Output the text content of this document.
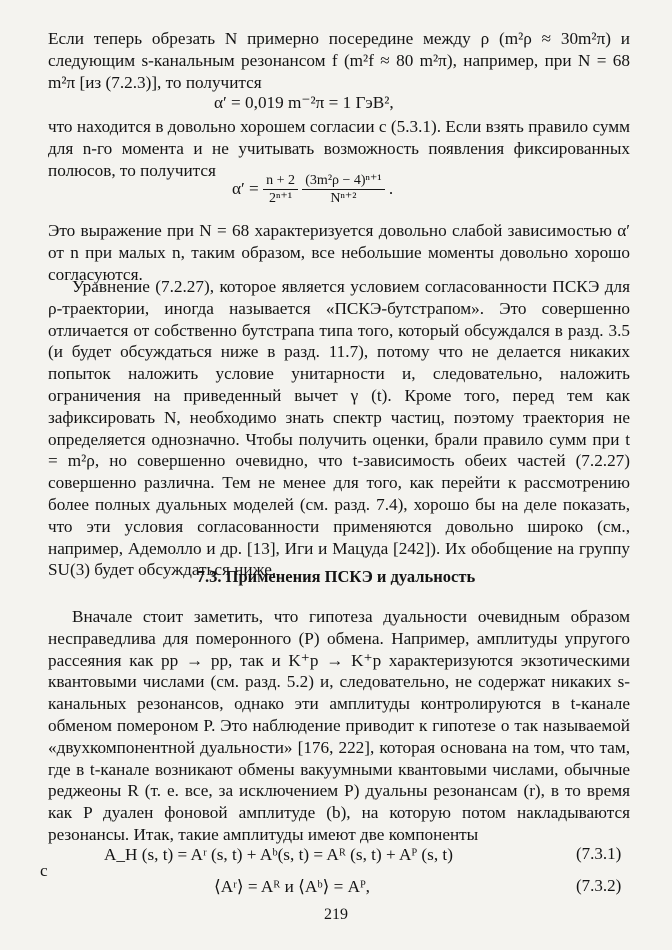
Если теперь обрезать N примерно посередине между ρ (m²ρ ≈ 30m²π) и следующим s-канальным резонансом f (m²f ≈ 80 m²π), например, при N = 68 m²π [из (7.2.3)], то получится

α′ = 0,019 m⁻²π = 1 ГэВ²,

что находится в довольно хорошем согласии с (5.3.1). Если взять правило сумм для n-го момента и не учитывать возможность появления фиксированных полюсов, то получится

$\alpha' = \frac{n + 2}{\text{2ⁿ⁺¹}}$
$\frac{\text{(3m²ρ − 4)ⁿ⁺¹}}{\text{Nⁿ⁺²}}$ .

Это выражение при N = 68 характеризуется довольно слабой зависимостью α′ от n при малых n, таким образом, все небольшие моменты довольно хорошо согласуются.

Уравнение (7.2.27), которое является условием согласованности ПСКЭ для ρ-траектории, иногда называется «ПСКЭ-бутстрапом». Это совершенно отличается от собственно бутстрапа типа того, который обсуждался в разд. 3.5 (и будет обсуждаться ниже в разд. 11.7), потому что не делается никаких попыток наложить условие унитарности и, следовательно, наложить ограничения на приведенный вычет γ (t). Кроме того, перед тем как зафиксировать N, необходимо знать спектр частиц, поэтому траектория не определяется однозначно. Чтобы получить оценки, брали правило сумм при t = m²ρ, но совершенно очевидно, что t-зависимость обеих частей (7.2.27) совершенно различна. Тем не менее для того, как перейти к рассмотрению более полных дуальных моделей (см. разд. 7.4), хорошо бы на деле показать, что эти условия согласованности применяются довольно широко (см., например, Адемолло и др. [13], Иги и Мацуда [242]). Их обобщение на группу SU(3) будет обсуждаться ниже.

7.3. Применения ПСКЭ и дуальность

Вначале стоит заметить, что гипотеза дуальности очевидным образом несправедлива для померонного (P) обмена. Например, амплитуды упругого рассеяния как pp → pp, так и K⁺p → K⁺p характеризуются экзотическими квантовыми числами (см. разд. 5.2) и, следовательно, не содержат никаких s-канальных резонансов, однако эти амплитуды контролируются в t-канале обменом помероном P. Это наблюдение приводит к гипотезе о так называемой «двухкомпонентной дуальности» [176, 222], которая основана на том, что там, где в t-канале возникают обмены вакуумными квантовыми числами, обычные реджеоны R (т. е. все, за исключением P) дуальны резонансам (r), в то время как P дуален фоновой амплитуде (b), на которую потом накладываются резонансы. Итак, такие амплитуды имеют две компоненты

A_H (s, t) = Aʳ (s, t) + Aᵇ(s, t) = Aᴿ (s, t) + Aᴾ (s, t)	(7.3.1)
с
⟨Aʳ⟩ = Aᴿ и ⟨Aᵇ⟩ = Aᴾ,	(7.3.2)
219
